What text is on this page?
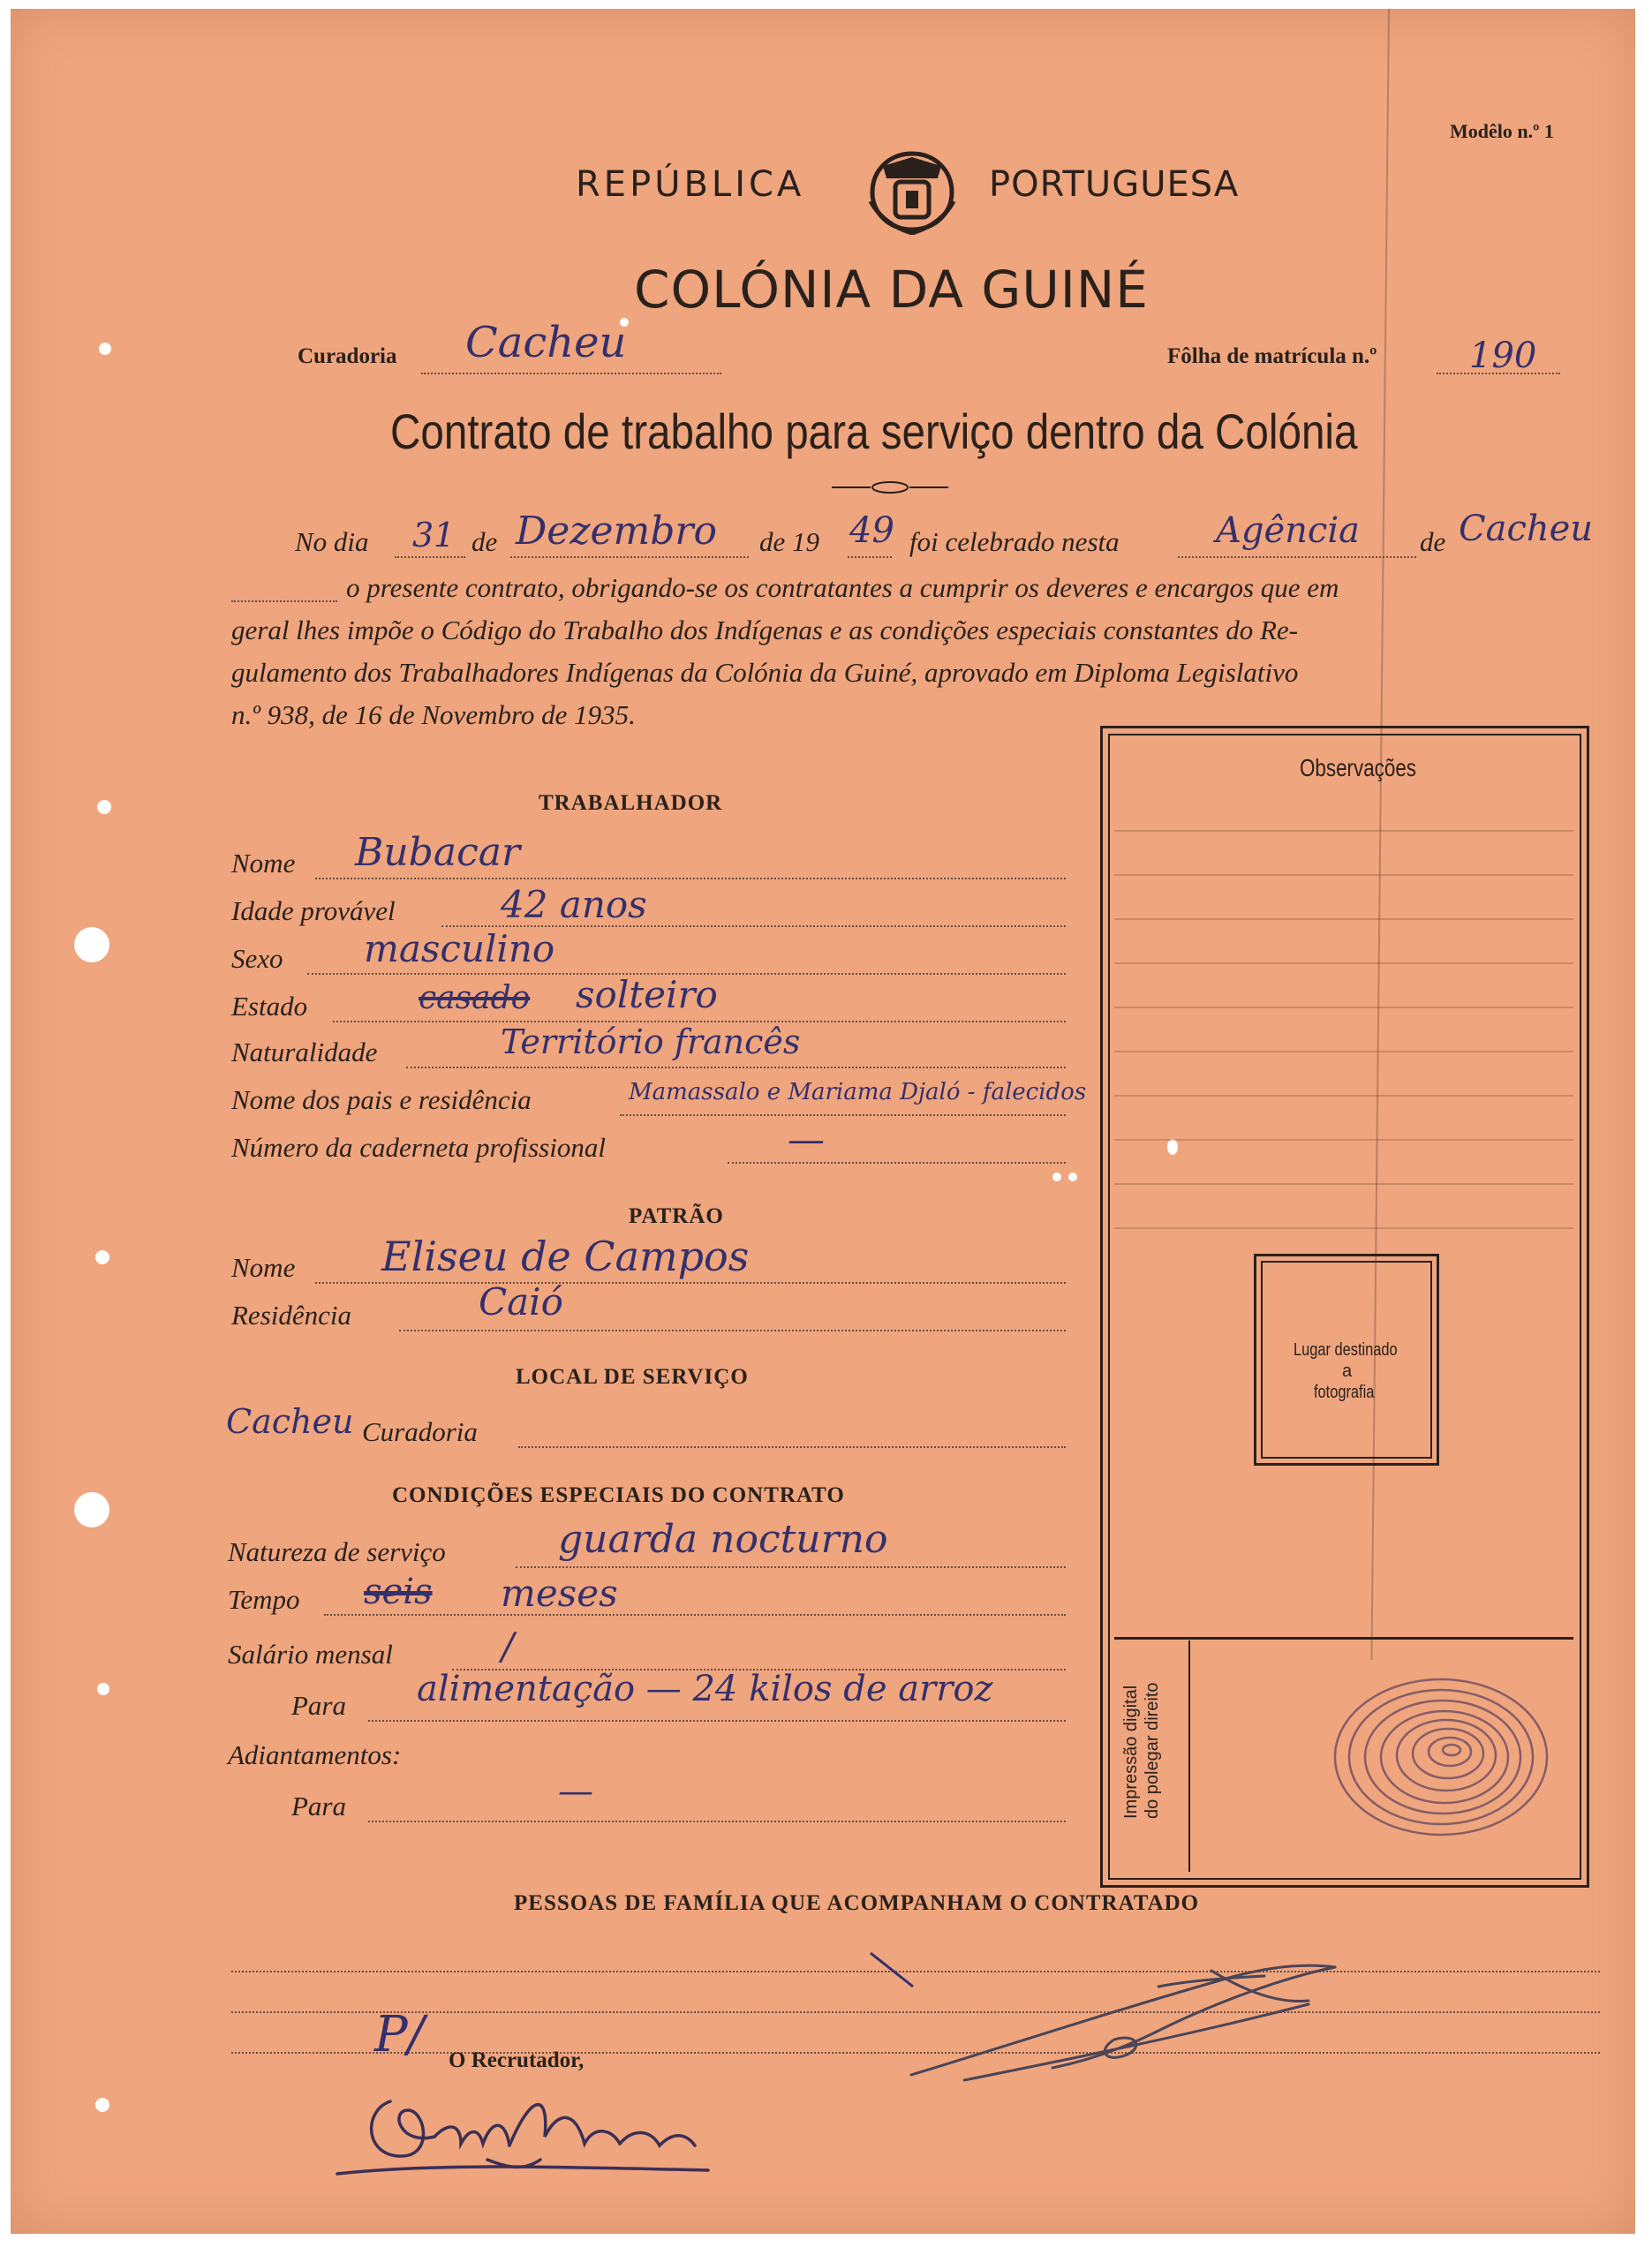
Modêlo n.º 1
REPÚBLICA	PORTUGUESA
COLÓNIA DA GUINÉ
Curadoria Cacheu	Fôlha de matrícula n.º	190
Contrato de trabalho para serviço dentro da Colónia
No dia 31 de Dezembro de 19 49 foi celebrado nesta	Agência de Cacheu
o presente contrato, obrigando-se os contratantes a cumprir os deveres e encargos que em
geral lhes impõe o Código do Trabalho dos Indígenas e as condições especiais constantes do Re-
gulamento dos Trabalhadores Indígenas da Colónia da Guiné, aprovado em Diploma Legislativo
n.º 938, de 16 de Novembro de 1935.
Observações
Lugar destinado
a
fotografia
Impressão digital do polegar direito
TRABALHADOR
Nome Bubacar
Idade provável	42 anos
Sexo masculino
Estado	casado solteiro
Naturalidade	Território francês
Nome dos pais e residência	Mamassalo e Mariama Djaló - falecidos
Número da caderneta profissional	—
PATRÃO
Nome Eliseu de Campos
Residência	Caió
LOCAL DE SERVIÇO
Cacheu Curadoria
CONDIÇÕES ESPECIAIS DO CONTRATO
Natureza de serviço	guarda nocturno
Tempo seis meses
Salário mensal	/
Para alimentação — 24 kilos de arroz
Adiantamentos:
Para	—
PESSOAS DE FAMÍLIA QUE ACOMPANHAM O CONTRATADO
P/ O Recrutador,
